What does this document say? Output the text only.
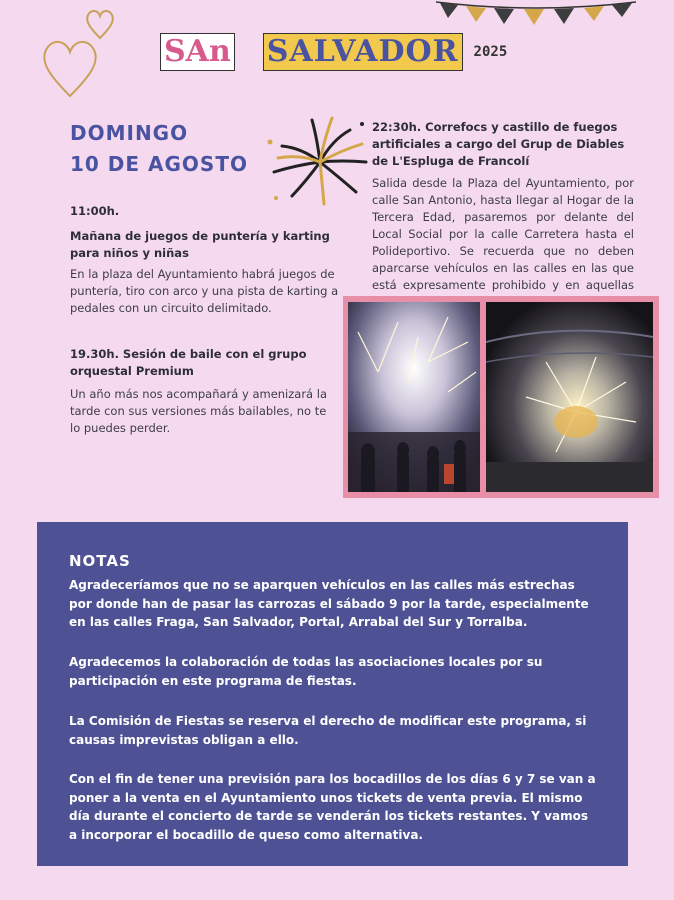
SAn SALVADOR 2025
DOMINGO
10 DE AGOSTO
11:00h.
Mañana de juegos de puntería y karting para niños y niñas
En la plaza del Ayuntamiento habrá juegos de puntería, tiro con arco y una pista de karting a pedales con un circuito delimitado.
19.30h. Sesión de baile con el grupo orquestal Premium
Un año más nos acompañará y amenizará la tarde con sus versiones más bailables, no te lo puedes perder.
22:30h. Correfocs y castillo de fuegos artificiales a cargo del Grup de Diables de L'Espluga de Francolí
Salida desde la Plaza del Ayuntamiento, por calle San Antonio, hasta llegar al Hogar de la Tercera Edad, pasaremos por delante del Local Social por la calle Carretera hasta el Polideportivo. Se recuerda que no deben aparcarse vehículos en las calles en las que está expresamente prohibido y en aquellas
NOTAS
Agradeceríamos que no se aparquen vehículos en las calles más estrechas por donde han de pasar las carrozas el sábado 9 por la tarde, especialmente en las calles Fraga, San Salvador, Portal, Arrabal del Sur y Torralba.
Agradecemos la colaboración de todas las asociaciones locales por su participación en este programa de fiestas.
La Comisión de Fiestas se reserva el derecho de modificar este programa, si causas imprevistas obligan a ello.
Con el fin de tener una previsión para los bocadillos de los días 6 y 7 se van a poner a la venta en el Ayuntamiento unos tickets de venta previa. El mismo día durante el concierto de tarde se venderán los tickets restantes. Y vamos a incorporar el bocadillo de queso como alternativa.
